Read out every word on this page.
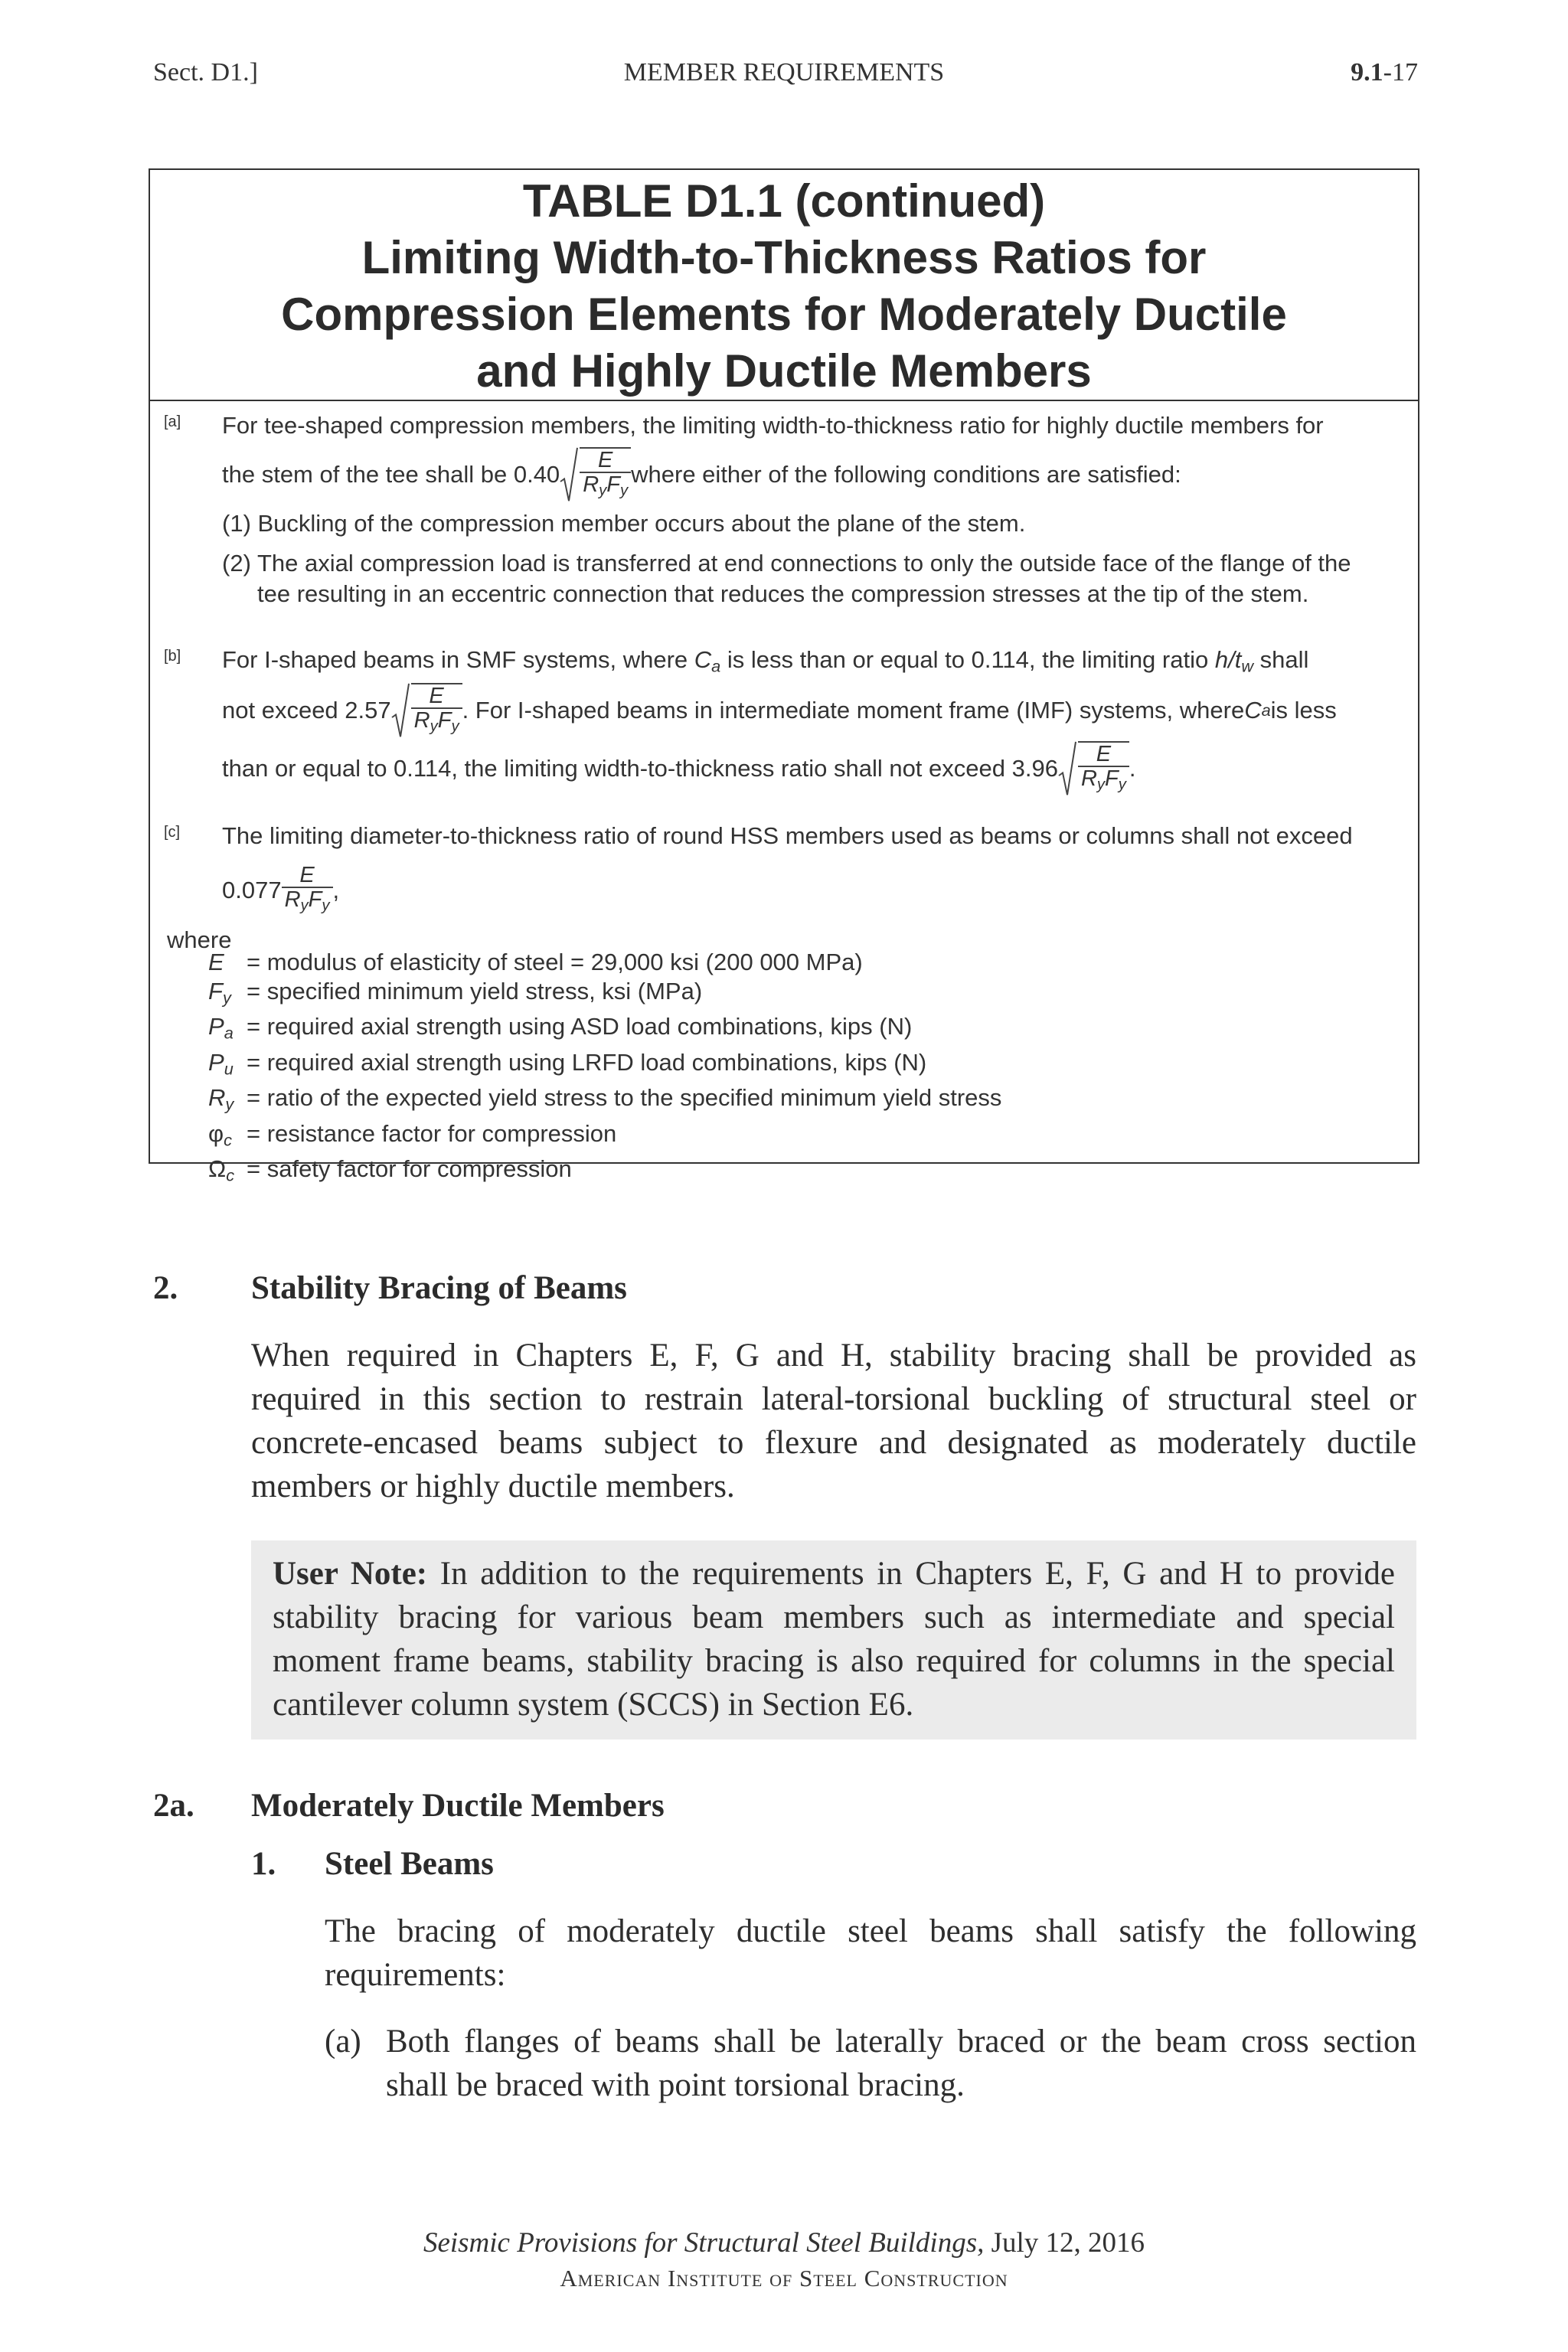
Sect. D1.]	MEMBER REQUIREMENTS	9.1-17
TABLE D1.1 (continued)
Limiting Width-to-Thickness Ratios for
Compression Elements for Moderately Ductile
and Highly Ductile Members
[a] For tee-shaped compression members, the limiting width-to-thickness ratio for highly ductile members for
the stem of the tee shall be $0.40 \frac{E}{R_yF_y}$ where either of the following conditions are satisfied:
(1) Buckling of the compression member occurs about the plane of the stem.
(2) The axial compression load is transferred at end connections to only the outside face of the flange of the
tee resulting in an eccentric connection that reduces the compression stresses at the tip of the stem.
[b] For I-shaped beams in SMF systems, where $C_a$ is less than or equal to 0.114, the limiting ratio $h/t_w$ shall
not exceed $2.57 \frac{E}{R_yF_y}$ . For I-shaped beams in intermediate moment frame (IMF) systems, where C a is less
than or equal to 0.114, the limiting width-to-thickness ratio shall not exceed $3.96 \frac{E}{R_yF_y}$ .
[c] The limiting diameter-to-thickness ratio of round HSS members used as beams or columns shall not exceed
$0.077 \frac{E}{R_yF_y}$ ,
where
E = modulus of elasticity of steel = 29,000 ksi (200 000 MPa)
$F_y$ = specified minimum yield stress, ksi (MPa)
$P_a$ = required axial strength using ASD load combinations, kips (N)
$P_u$ = required axial strength using LRFD load combinations, kips (N)
$R_y$ = ratio of the expected yield stress to the specified minimum yield stress
$\varphi_c$ = resistance factor for compression
$\Omega_c$ = safety factor for compression
2. Stability Bracing of Beams
When required in Chapters E, F, G and H, stability bracing shall be provided as
required in this section to restrain lateral-torsional buckling of structural steel or
concrete-encased beams subject to flexure and designated as moderately ductile
members or highly ductile members.
User Note: In addition to the requirements in Chapters E, F, G and H to provide
stability bracing for various beam members such as intermediate and special
moment frame beams, stability bracing is also required for columns in the special
cantilever column system (SCCS) in Section E6.
2a. Moderately Ductile Members
1. Steel Beams
The bracing of moderately ductile steel beams shall satisfy the following
requirements:
(a) Both flanges of beams shall be laterally braced or the beam cross section
shall be braced with point torsional bracing.
Seismic Provisions for Structural Steel Buildings, July 12, 2016
American Institute of Steel Construction
